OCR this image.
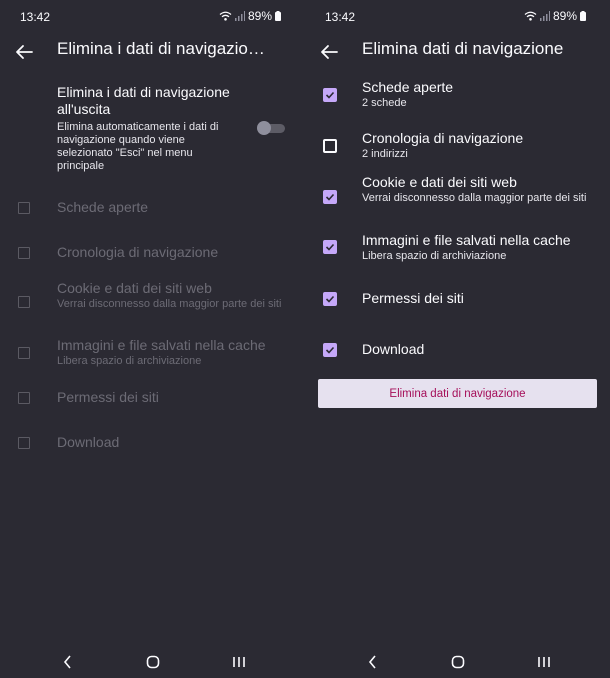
13:42	89%
Elimina i dati di navigazio…
Elimina i dati di navigazione all'uscita
Elimina automaticamente i dati di navigazione quando viene selezionato "Esci" nel menu principale
Schede aperte
Cronologia di navigazione
Cookie e dati dei siti web
Verrai disconnesso dalla maggior parte dei siti
Immagini e file salvati nella cache
Libera spazio di archiviazione
Permessi dei siti
Download
13:42	89%
Elimina dati di navigazione
Schede aperte
2 schede
Cronologia di navigazione
2 indirizzi
Cookie e dati dei siti web
Verrai disconnesso dalla maggior parte dei siti
Immagini e file salvati nella cache
Libera spazio di archiviazione
Permessi dei siti
Download
Elimina dati di navigazione
